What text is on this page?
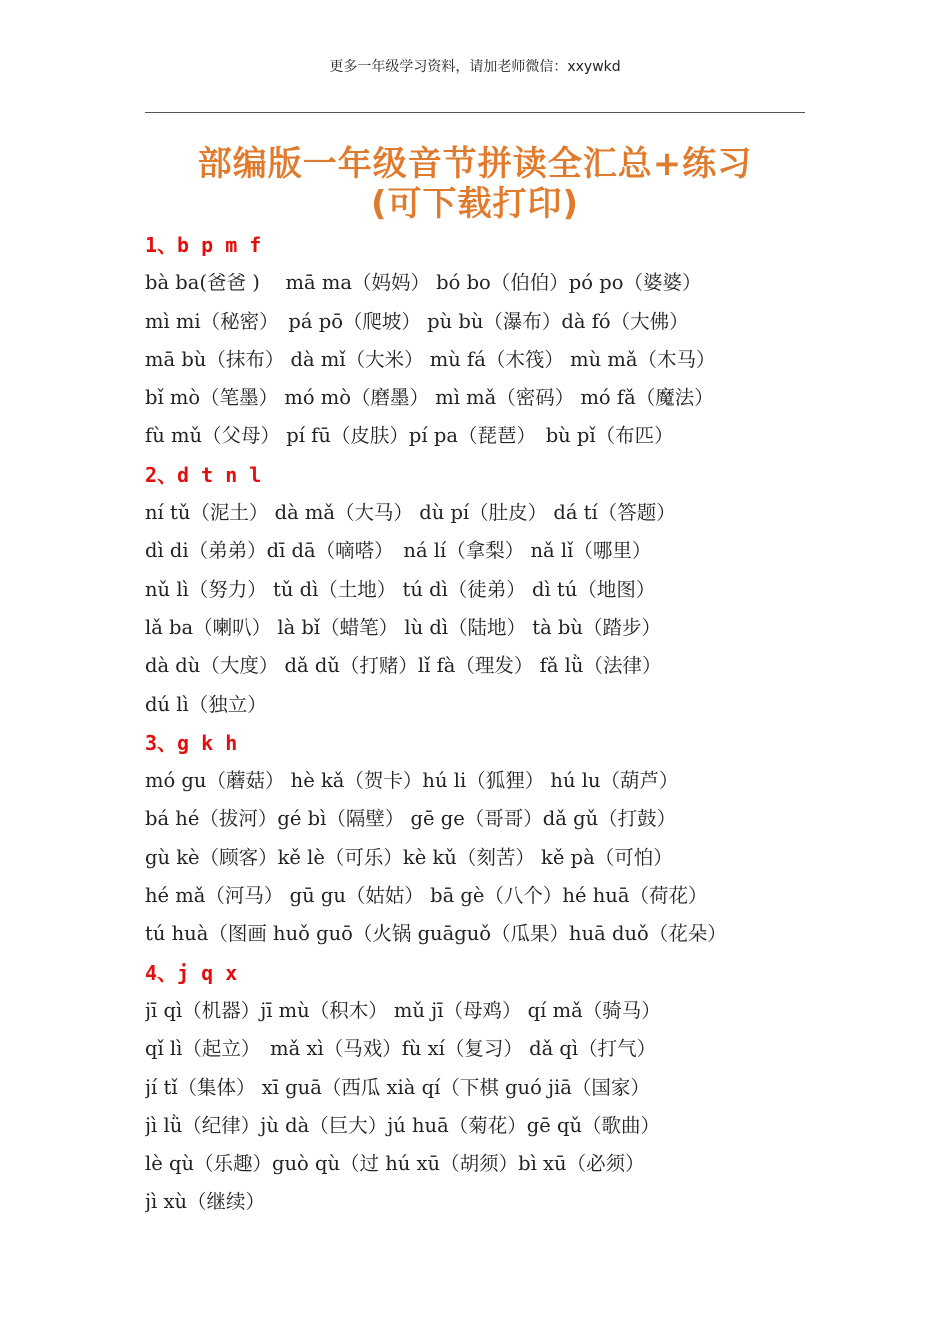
更多一年级学习资料，请加老师微信：xxywkd
部编版一年级音节拼读全汇总+练习
(可下载打印)
1、b p m f
bà ba(爸爸 )　 mā ma（妈妈） bó bo（伯伯）pó po（婆婆）
mì mi（秘密）　pá pō（爬坡） pù bù（瀑布）dà fó（大佛）
mā bù（抹布） dà mǐ（大米） mù fá（木筏） mù mǎ（木马）
bǐ mò（笔墨） mó mò（磨墨） mì mǎ（密码） mó fǎ（魔法）
fù mǔ（父母） pí fū（皮肤）pí pa（琵琶）　bù pǐ（布匹）
2、d t n l
ní tǔ（泥土） dà mǎ（大马） dù pí（肚皮） dá tí（答题）
dì di（弟弟）dī dā（嘀嗒）　ná lí（拿梨） nǎ lǐ（哪里）
nǔ lì（努力） tǔ dì（土地） tú dì（徒弟） dì tú（地图）
lǎ ba（喇叭） là bǐ（蜡笔） lù dì（陆地） tà bù（踏步）
dà dù（大度） dǎ dǔ（打赌）lǐ fà（理发） fǎ lǜ（法律）
dú lì（独立）
3、g k h
mó gu（蘑菇） hè kǎ（贺卡）hú li（狐狸） hú lu（葫芦）
bá hé（拔河）gé bì（隔壁） gē ge（哥哥）dǎ gǔ（打鼓）
gù kè（顾客）kě lè（可乐）kè kǔ（刻苦） kě pà（可怕）
hé mǎ（河马） gū gu（姑姑） bā gè（八个）hé huā（荷花）
tú huà（图画 huǒ guō（火锅 guāguǒ（瓜果）huā duǒ（花朵）
4、j q x
jī qì（机器）jī mù（积木） mǔ jī（母鸡） qí mǎ（骑马）
qǐ lì（起立）　mǎ xì（马戏）fù xí（复习） dǎ qì（打气）
jí tǐ（集体） xī guā（西瓜 xià qí（下棋 guó jiā（国家）
jì lǜ（纪律）jù dà（巨大）jú huā（菊花）gē qǔ（歌曲）
lè qù（乐趣）guò qù（过 hú xū（胡须）bì xū（必须）
jì xù（继续）
